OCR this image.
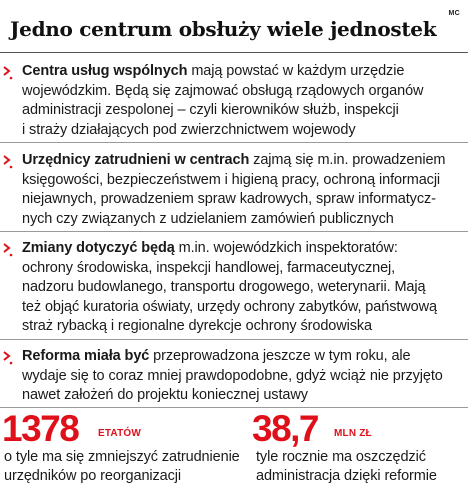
MC
Jedno centrum obsłuży wiele jednostek
Centra usług wspólnych mają powstać w każdym urzędzie
wojewódzkim. Będą się zajmować obsługą rządowych organów
administracji zespolonej – czyli kierowników służb, inspekcji
i straży działających pod zwierzchnictwem wojewody
Urzędnicy zatrudnieni w centrach zajmą się m.in. prowadzeniem
księgowości, bezpieczeństwem i higieną pracy, ochroną informacji
niejawnych, prowadzeniem spraw kadrowych, spraw informatycz-
nych czy związanych z udzielaniem zamówień publicznych
Zmiany dotyczyć będą m.in. wojewódzkich inspektoratów:
ochrony środowiska, inspekcji handlowej, farmaceutycznej,
nadzoru budowlanego, transportu drogowego, weterynarii. Mają
też objąć kuratoria oświaty, urzędy ochrony zabytków, państwową
straż rybacką i regionalne dyrekcje ochrony środowiska
Reforma miała być przeprowadzona jeszcze w tym roku, ale
wydaje się to coraz mniej prawdopodobne, gdyż wciąż nie przyjęto
nawet założeń do projektu koniecznej ustawy
1378 ETATÓW
o tyle ma się zmniejszyć zatrudnienie
urzędników po reorganizacji
38,7 MLN ZŁ
tyle rocznie ma oszczędzić
administracja dzięki reformie
